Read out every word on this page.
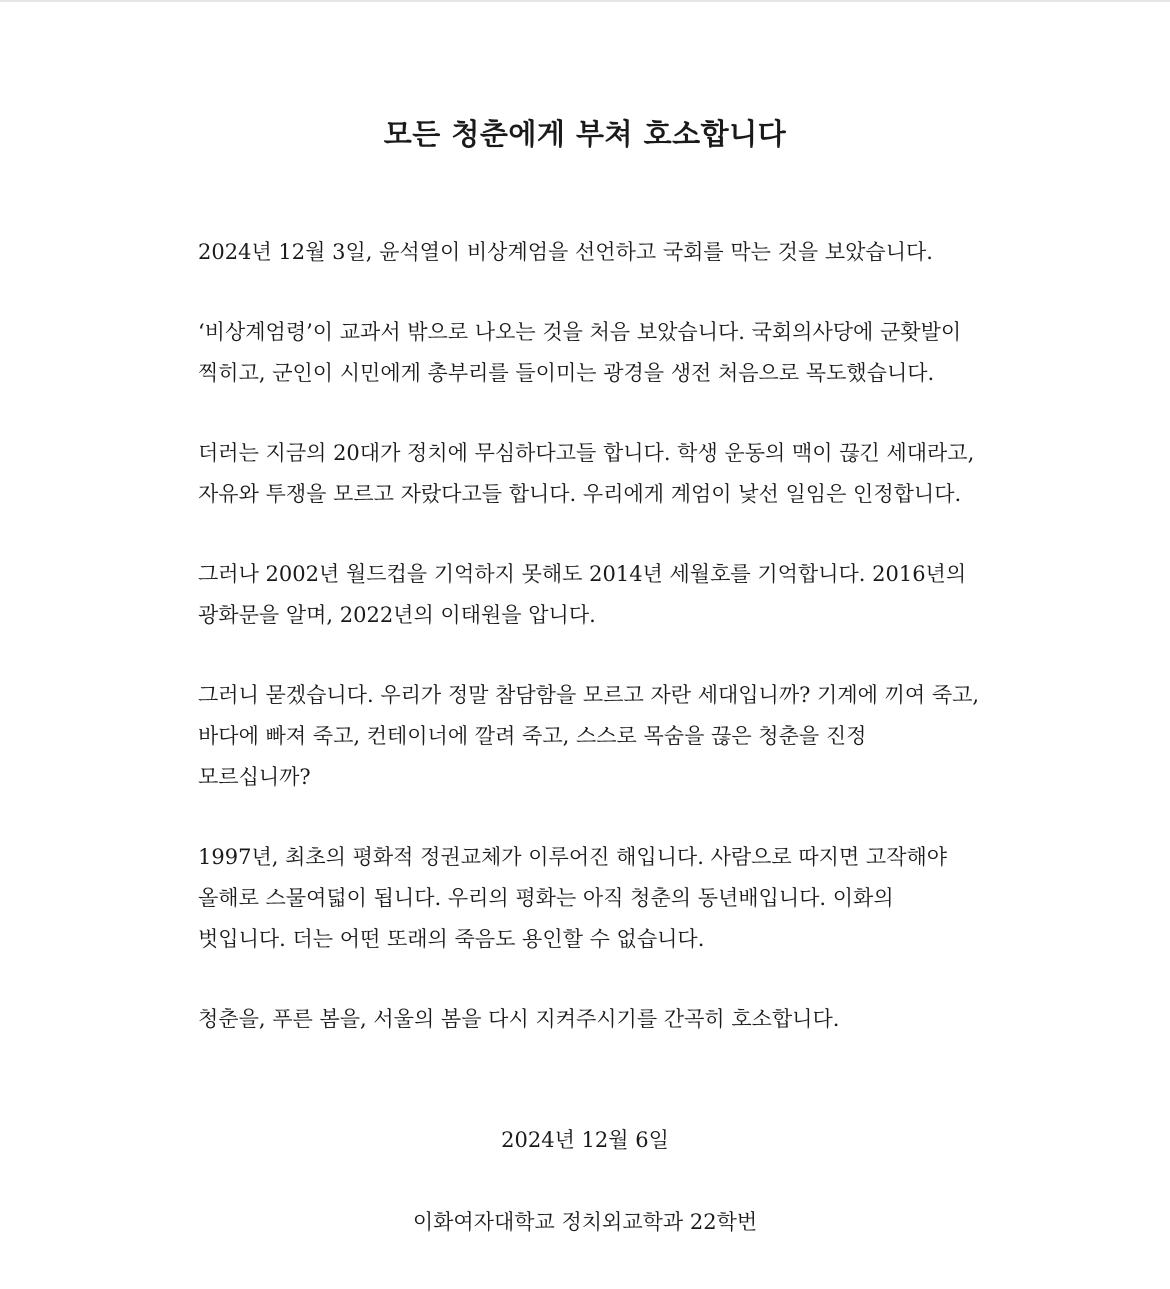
모든 청춘에게 부쳐 호소합니다

2024년 12월 3일, 윤석열이 비상계엄을 선언하고 국회를 막는 것을 보았습니다.

‘비상계엄령’이 교과서 밖으로 나오는 것을 처음 보았습니다. 국회의사당에 군홧발이
찍히고, 군인이 시민에게 총부리를 들이미는 광경을 생전 처음으로 목도했습니다.

더러는 지금의 20대가 정치에 무심하다고들 합니다. 학생 운동의 맥이 끊긴 세대라고,
자유와 투쟁을 모르고 자랐다고들 합니다. 우리에게 계엄이 낯선 일임은 인정합니다.

그러나 2002년 월드컵을 기억하지 못해도 2014년 세월호를 기억합니다. 2016년의
광화문을 알며, 2022년의 이태원을 압니다.

그러니 묻겠습니다. 우리가 정말 참담함을 모르고 자란 세대입니까? 기계에 끼여 죽고,
바다에 빠져 죽고, 컨테이너에 깔려 죽고, 스스로 목숨을 끊은 청춘을 진정
모르십니까?

1997년, 최초의 평화적 정권교체가 이루어진 해입니다. 사람으로 따지면 고작해야
올해로 스물여덟이 됩니다. 우리의 평화는 아직 청춘의 동년배입니다. 이화의
벗입니다. 더는 어떤 또래의 죽음도 용인할 수 없습니다.

청춘을, 푸른 봄을, 서울의 봄을 다시 지켜주시기를 간곡히 호소합니다.

2024년 12월 6일
이화여자대학교 정치외교학과 22학번
